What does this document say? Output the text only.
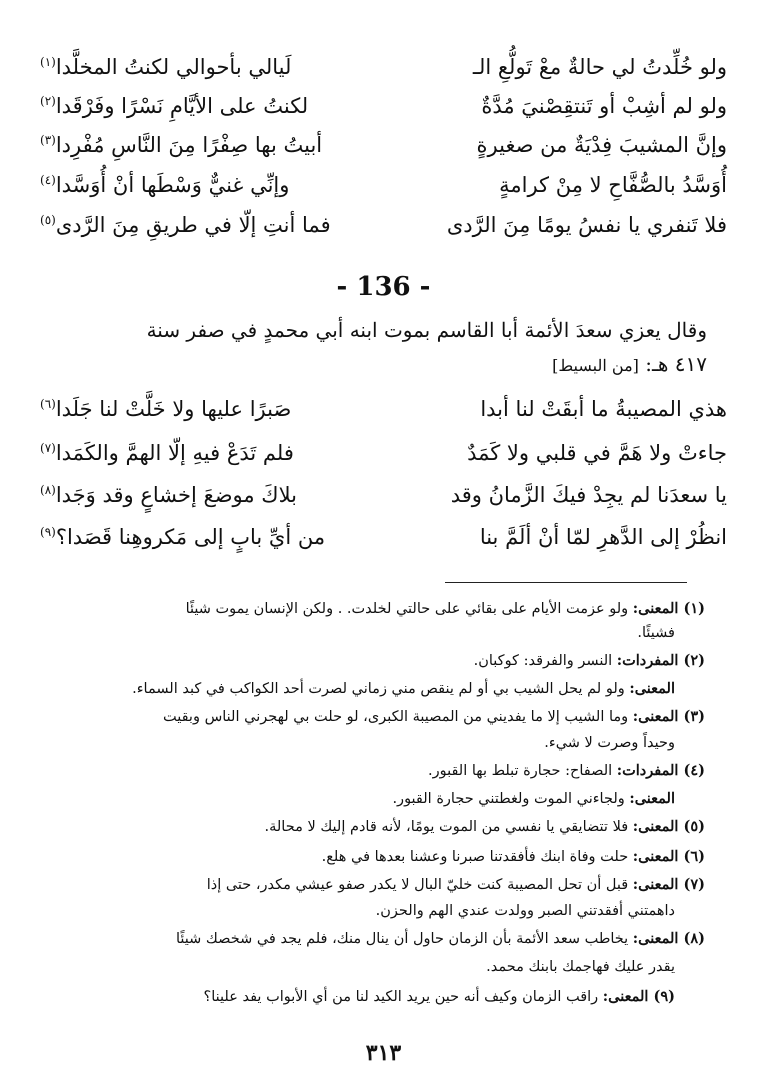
ولو خُلِّدتُ لي حالةٌ معْ تَولُّعِ الـ
لَيالي بأحوالي لكنتُ المخلَّدا$^{(١)}$
ولو لم أشِبْ أو تَنتقِصْنيَ مُدَّةٌ
لكنتُ على الأيَّامِ نَسْرًا وفَرْقَدا$^{(٢)}$
وإنَّ المشيبَ فِدْيَةٌ من صغيرةٍ
أبيتُ بها صِفْرًا مِنَ النَّاسِ مُفْرِدا$^{(٣)}$
أُوَسَّدُ بالصُّفَّاحِ لا مِنْ كرامةٍ
وإنِّي غنيٌّ وَسْطَها أنْ أُوَسَّدا$^{(٤)}$
فلا تَنفري يا نفسُ يومًا مِنَ الرَّدى
فما أنتِ إلّا في طريقِ مِنَ الرَّدى$^{(٥)}$
- 136 -
وقال يعزي سعدَ الأئمة أبا القاسم بموت ابنه أبي محمدٍ في صفر سنة
٤١٧ هـ: [من البسيط]
هذي المصيبةُ ما أبقَتْ لنا أبدا
صَبرًا عليها ولا خَلَّتْ لنا جَلَدا$^{(٦)}$
جاءتْ ولا هَمَّ في قلبي ولا كَمَدٌ
فلم تَدَعْ فيهِ إلّا الهمَّ والكَمَدا$^{(٧)}$
يا سعدَنا لم يجِدْ فيكَ الزَّمانُ وقد
بلاكَ موضعَ إخشاعٍ وقد وَجَدا$^{(٨)}$
انظُرْ إلى الدَّهرِ لمّا أنْ ألَمَّ بنا
من أيِّ بابٍ إلى مَكروهِنا قَصَدا؟$^{(٩)}$
(١) المعنى: ولو عزمت الأيام على بقائي على حالتي لخلدت. . ولكن الإنسان يموت شيئًا
فشيئًا.
(٢) المفردات: النسر والفرقد: كوكبان.
المعنى: ولو لم يحل الشيب بي أو لم ينقص مني زماني لصرت أحد الكواكب في كبد السماء.
(٣) المعنى: وما الشيب إلا ما يفديني من المصيبة الكبرى، لو حلت بي لهجرني الناس وبقيت
وحيداً وصرت لا شيء.
(٤) المفردات: الصفاح: حجارة تبلط بها القبور.
المعنى: ولجاءني الموت ولغطتني حجارة القبور.
(٥) المعنى: فلا تتضايقي يا نفسي من الموت يومًا، لأنه قادم إليك لا محالة.
(٦) المعنى: حلت وفاة ابنك فأفقدتنا صبرنا وعشنا بعدها في هلع.
(٧) المعنى: قبل أن تحل المصيبة كنت خليّ البال لا يكدر صفو عيشي مكدر، حتى إذا
داهمتني أفقدتني الصبر وولدت عندي الهم والحزن.
(٨) المعنى: يخاطب سعد الأئمة بأن الزمان حاول أن ينال منك، فلم يجد في شخصك شيئًا
يقدر عليك فهاجمك بابنك محمد.
(٩) المعنى: راقب الزمان وكيف أنه حين يريد الكيد لنا من أي الأبواب يفد علينا؟
٣١٣
